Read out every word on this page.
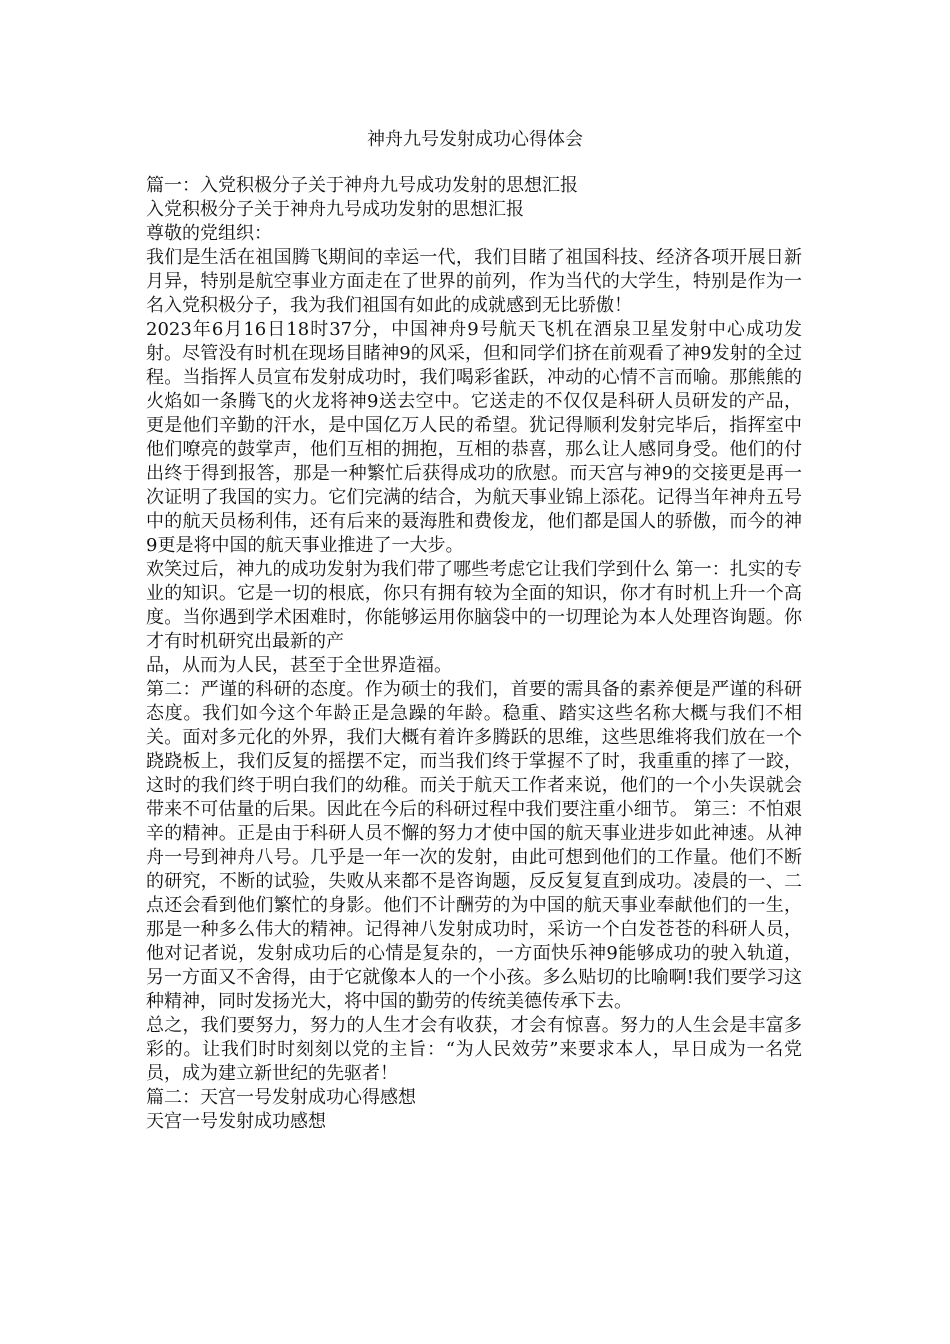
神舟九号发射成功心得体会

篇一：入党积极分子关于神舟九号成功发射的思想汇报

入党积极分子关于神舟九号成功发射的思想汇报

尊敬的党组织：

我们是生活在祖国腾飞期间的幸运一代，我们目睹了祖国科技、经济各项开展日新月异，特别是航空事业方面走在了世界的前列，作为当代的大学生，特别是作为一名入党积极分子，我为我们祖国有如此的成就感到无比骄傲！

2023年6月16日18时37分，中国神舟9号航天飞机在酒泉卫星发射中心成功发射。尽管没有时机在现场目睹神9的风采，但和同学们挤在前观看了神9发射的全过程。当指挥人员宣布发射成功时，我们喝彩雀跃，冲动的心情不言而喻。那熊熊的火焰如一条腾飞的火龙将神9送去空中。它送走的不仅仅是科研人员研发的产品，更是他们辛勤的汗水，是中国亿万人民的希望。犹记得顺利发射完毕后，指挥室中他们嘹亮的鼓掌声，他们互相的拥抱，互相的恭喜，那么让人感同身受。他们的付出终于得到报答，那是一种繁忙后获得成功的欣慰。而天宫与神9的交接更是再一次证明了我国的实力。它们完满的结合，为航天事业锦上添花。记得当年神舟五号中的航天员杨利伟，还有后来的聂海胜和费俊龙，他们都是国人的骄傲，而今的神9更是将中国的航天事业推进了一大步。

欢笑过后，神九的成功发射为我们带了哪些考虑它让我们学到什么 第一：扎实的专业的知识。它是一切的根底，你只有拥有较为全面的知识，你才有时机上升一个高度。当你遇到学术困难时，你能够运用你脑袋中的一切理论为本人处理咨询题。你才有时机研究出最新的产

品，从而为人民，甚至于全世界造福。

第二：严谨的科研的态度。作为硕士的我们，首要的需具备的素养便是严谨的科研态度。我们如今这个年龄正是急躁的年龄。稳重、踏实这些名称大概与我们不相关。面对多元化的外界，我们大概有着许多腾跃的思维，这些思维将我们放在一个跷跷板上，我们反复的摇摆不定，而当我们终于掌握不了时，我重重的摔了一跤，这时的我们终于明白我们的幼稚。而关于航天工作者来说，他们的一个小失误就会带来不可估量的后果。因此在今后的科研过程中我们要注重小细节。 第三：不怕艰辛的精神。正是由于科研人员不懈的努力才使中国的航天事业进步如此神速。从神舟一号到神舟八号。几乎是一年一次的发射，由此可想到他们的工作量。他们不断的研究，不断的试验，失败从来都不是咨询题，反反复复直到成功。凌晨的一、二点还会看到他们繁忙的身影。他们不计酬劳的为中国的航天事业奉献他们的一生，那是一种多么伟大的精神。记得神八发射成功时，采访一个白发苍苍的科研人员，他对记者说，发射成功后的心情是复杂的，一方面快乐神9能够成功的驶入轨道，另一方面又不舍得，由于它就像本人的一个小孩。多么贴切的比喻啊!我们要学习这种精神，同时发扬光大，将中国的勤劳的传统美德传承下去。

总之，我们要努力，努力的人生才会有收获，才会有惊喜。努力的人生会是丰富多彩的。让我们时时刻刻以党的主旨：“为人民效劳”来要求本人，早日成为一名党员，成为建立新世纪的先驱者！

篇二：天宫一号发射成功心得感想

天宫一号发射成功感想
